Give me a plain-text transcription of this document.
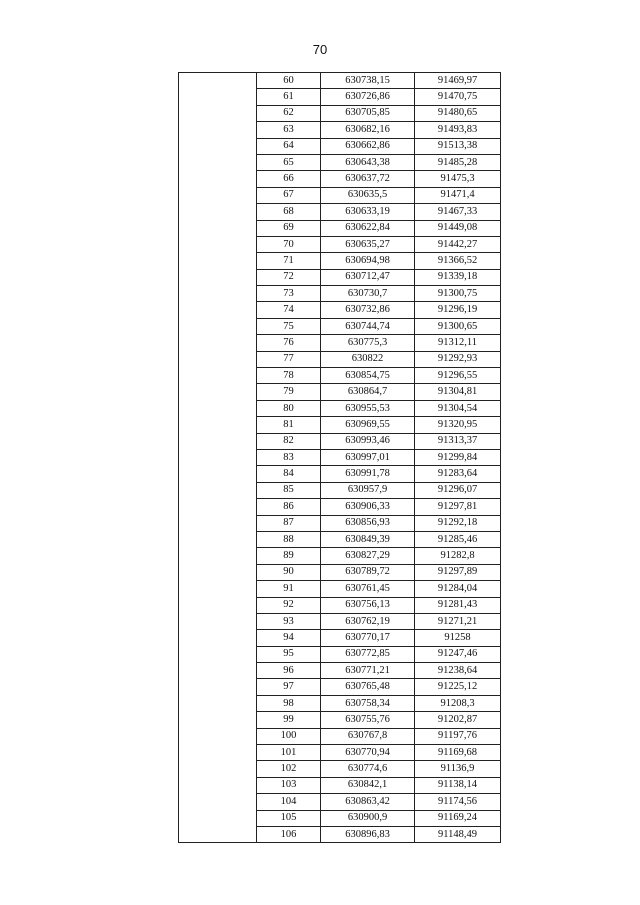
70
	60	630738,15	91469,97
	61	630726,86	91470,75
	62	630705,85	91480,65
	63	630682,16	91493,83
	64	630662,86	91513,38
	65	630643,38	91485,28
	66	630637,72	91475,3
	67	630635,5	91471,4
	68	630633,19	91467,33
	69	630622,84	91449,08
	70	630635,27	91442,27
	71	630694,98	91366,52
	72	630712,47	91339,18
	73	630730,7	91300,75
	74	630732,86	91296,19
	75	630744,74	91300,65
	76	630775,3	91312,11
	77	630822	91292,93
	78	630854,75	91296,55
	79	630864,7	91304,81
	80	630955,53	91304,54
	81	630969,55	91320,95
	82	630993,46	91313,37
	83	630997,01	91299,84
	84	630991,78	91283,64
	85	630957,9	91296,07
	86	630906,33	91297,81
	87	630856,93	91292,18
	88	630849,39	91285,46
	89	630827,29	91282,8
	90	630789,72	91297,89
	91	630761,45	91284,04
	92	630756,13	91281,43
	93	630762,19	91271,21
	94	630770,17	91258
	95	630772,85	91247,46
	96	630771,21	91238,64
	97	630765,48	91225,12
	98	630758,34	91208,3
	99	630755,76	91202,87
	100	630767,8	91197,76
	101	630770,94	91169,68
	102	630774,6	91136,9
	103	630842,1	91138,14
	104	630863,42	91174,56
	105	630900,9	91169,24
	106	630896,83	91148,49
